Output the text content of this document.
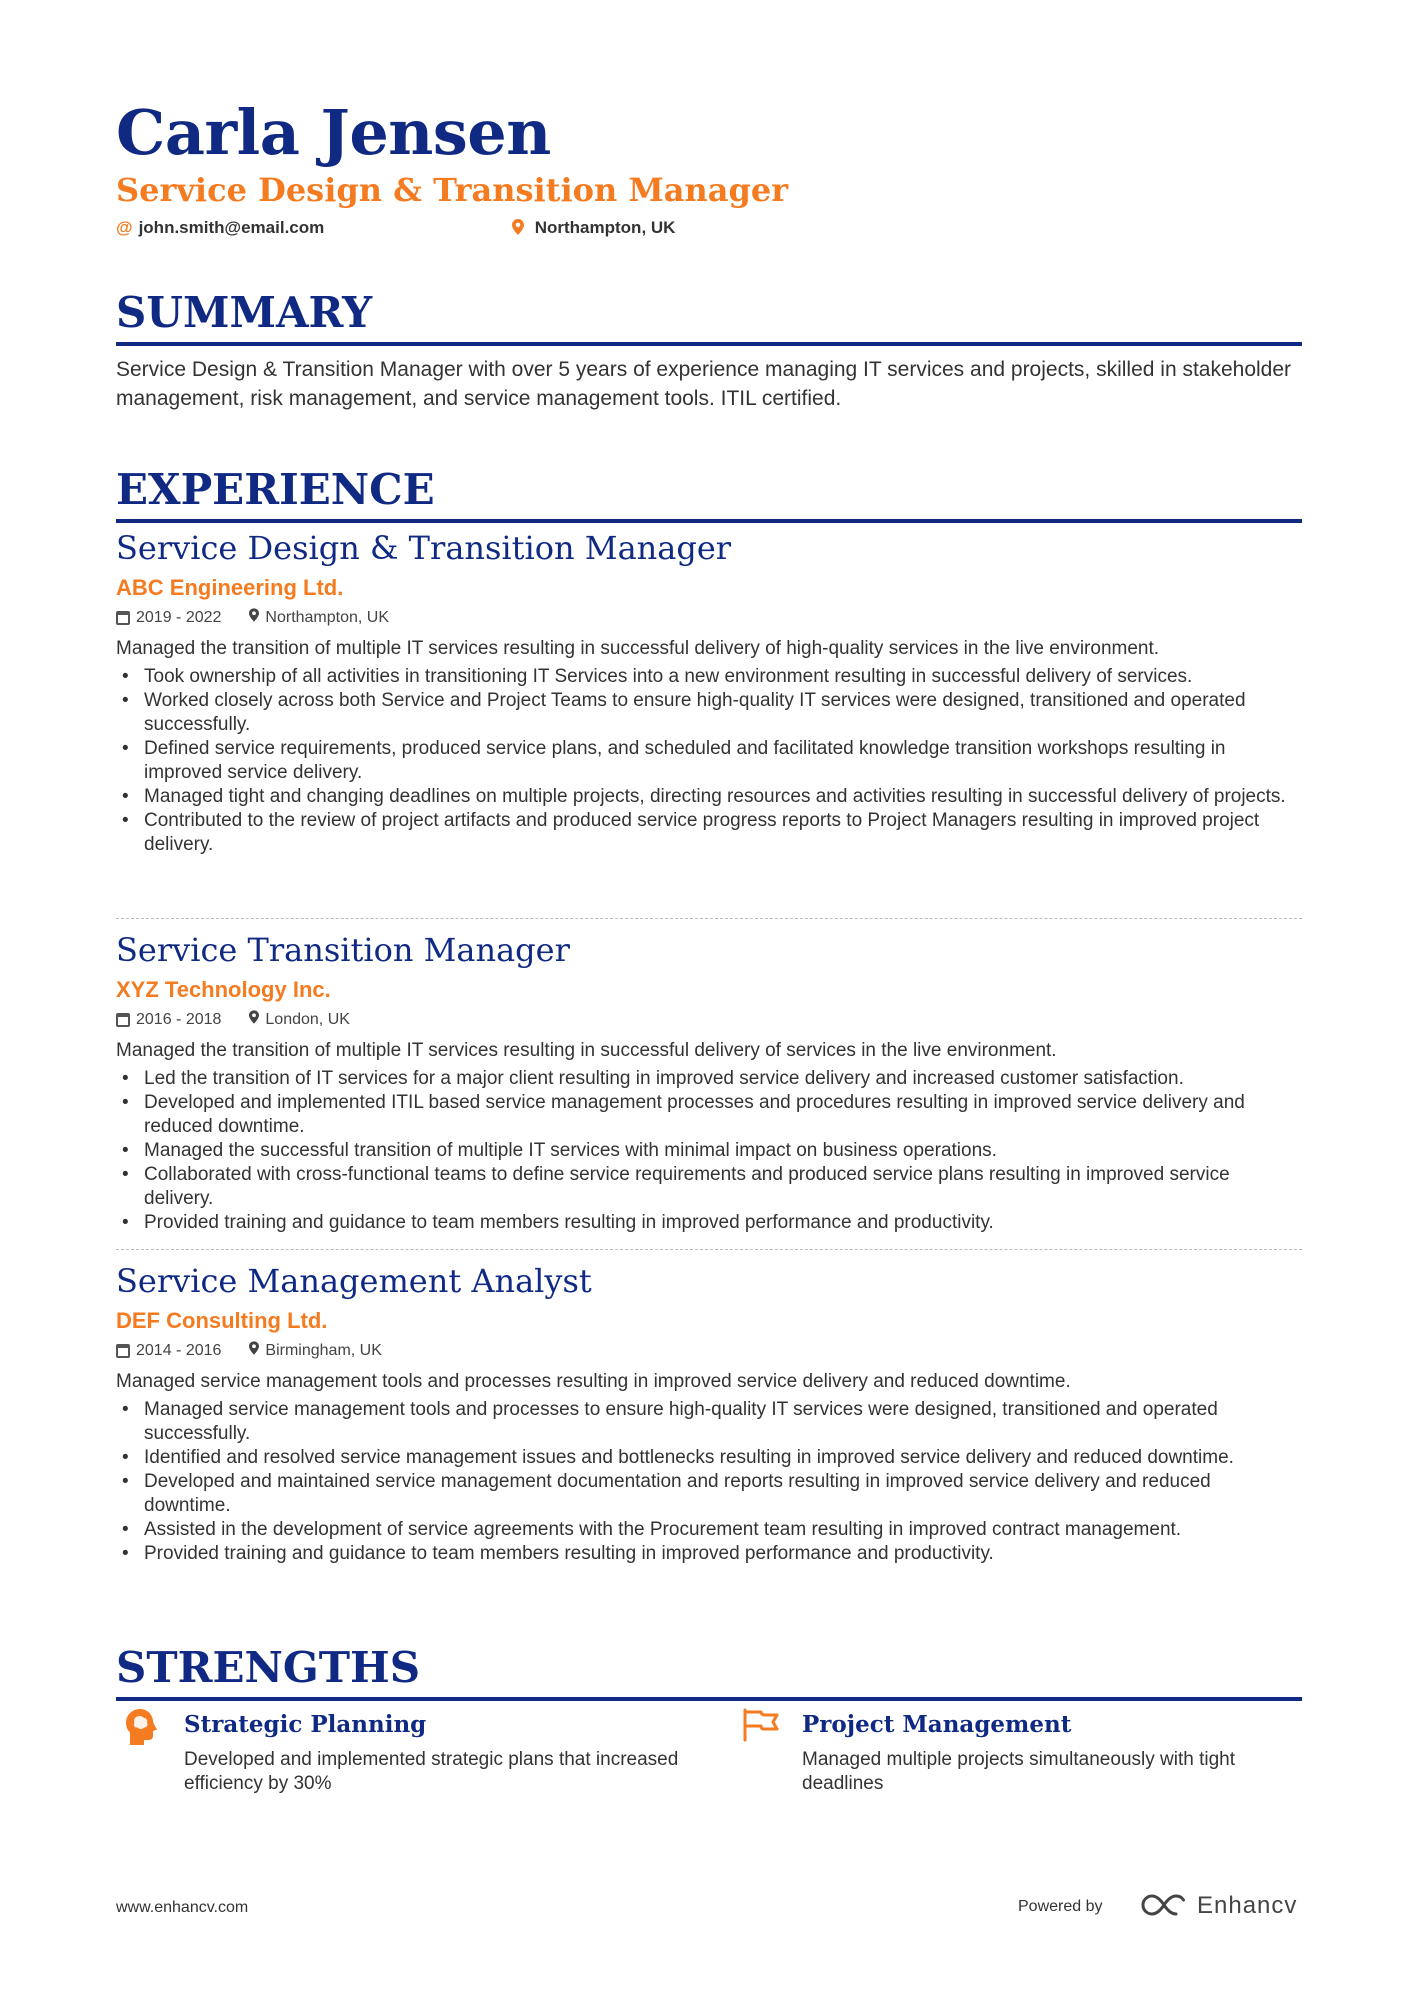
Carla Jensen
Service Design & Transition Manager
@ john.smith@email.com	Northampton, UK
SUMMARY
Service Design & Transition Manager with over 5 years of experience managing IT services and projects, skilled in stakeholder management, risk management, and service management tools. ITIL certified.
EXPERIENCE
Service Design & Transition Manager
ABC Engineering Ltd.
2019 - 2022	Northampton, UK
Managed the transition of multiple IT services resulting in successful delivery of high-quality services in the live environment.
• Took ownership of all activities in transitioning IT Services into a new environment resulting in successful delivery of services.
• Worked closely across both Service and Project Teams to ensure high-quality IT services were designed, transitioned and operated successfully.
• Defined service requirements, produced service plans, and scheduled and facilitated knowledge transition workshops resulting in improved service delivery.
• Managed tight and changing deadlines on multiple projects, directing resources and activities resulting in successful delivery of projects.
• Contributed to the review of project artifacts and produced service progress reports to Project Managers resulting in improved project delivery.
Service Transition Manager
XYZ Technology Inc.
2016 - 2018	London, UK
Managed the transition of multiple IT services resulting in successful delivery of services in the live environment.
• Led the transition of IT services for a major client resulting in improved service delivery and increased customer satisfaction.
• Developed and implemented ITIL based service management processes and procedures resulting in improved service delivery and reduced downtime.
• Managed the successful transition of multiple IT services with minimal impact on business operations.
• Collaborated with cross-functional teams to define service requirements and produced service plans resulting in improved service delivery.
• Provided training and guidance to team members resulting in improved performance and productivity.
Service Management Analyst
DEF Consulting Ltd.
2014 - 2016	Birmingham, UK
Managed service management tools and processes resulting in improved service delivery and reduced downtime.
• Managed service management tools and processes to ensure high-quality IT services were designed, transitioned and operated successfully.
• Identified and resolved service management issues and bottlenecks resulting in improved service delivery and reduced downtime.
• Developed and maintained service management documentation and reports resulting in improved service delivery and reduced downtime.
• Assisted in the development of service agreements with the Procurement team resulting in improved contract management.
• Provided training and guidance to team members resulting in improved performance and productivity.
STRENGTHS
Strategic Planning
Developed and implemented strategic plans that increased efficiency by 30%
Project Management
Managed multiple projects simultaneously with tight deadlines
www.enhancv.com	Powered by	Enhancv
